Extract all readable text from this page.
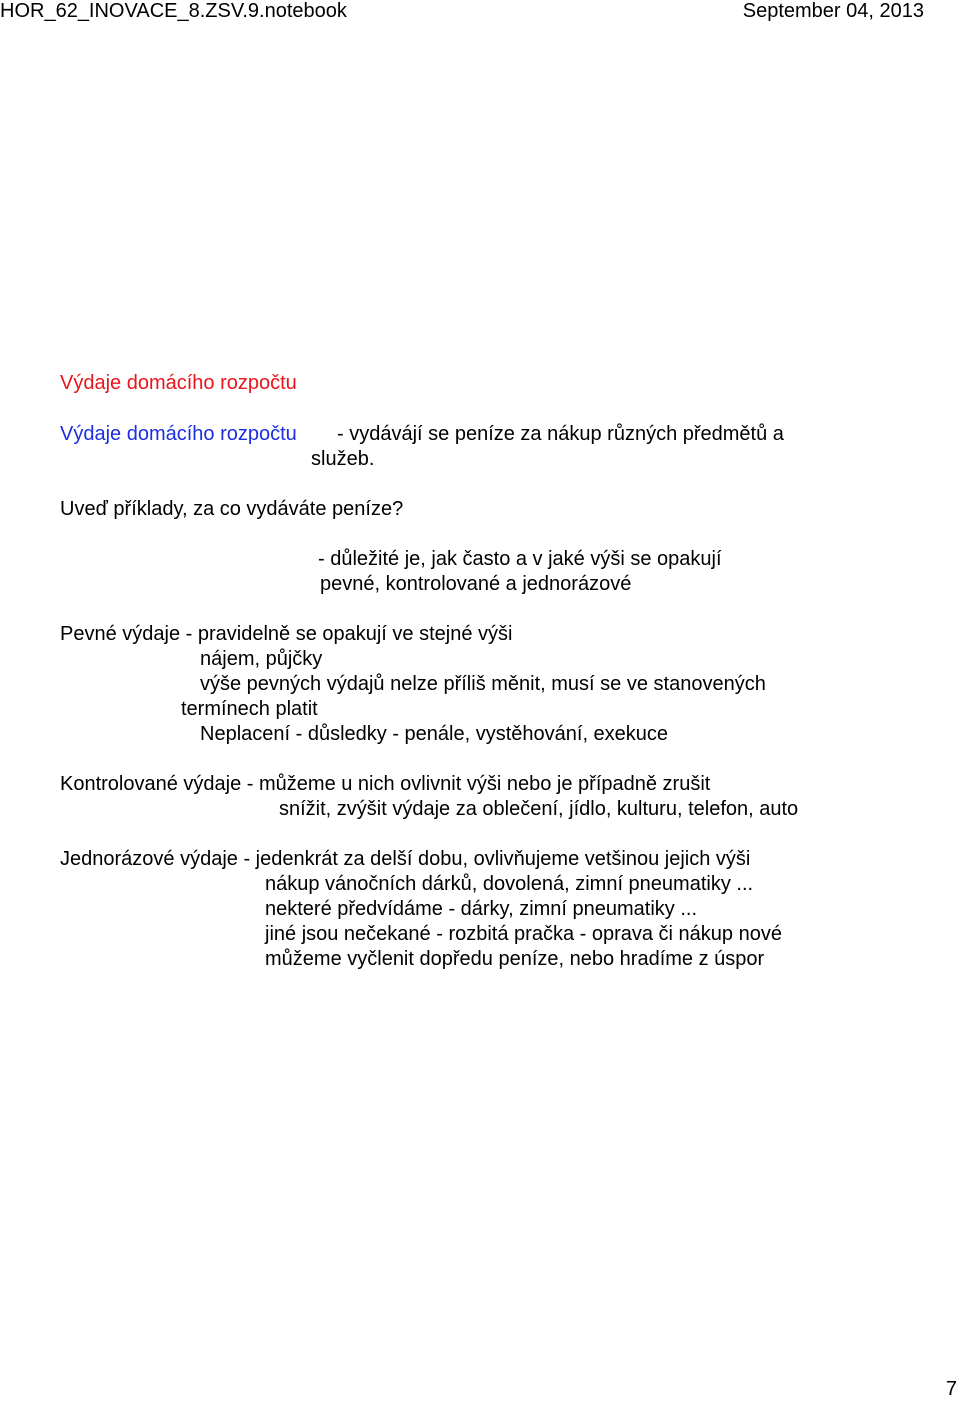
HOR_62_INOVACE_8.ZSV.9.notebook	September 04, 2013
Výdaje domácího rozpočtu
Výdaje domácího rozpočtu - vydávájí se peníze za nákup různých předmětů a
služeb.
Uveď příklady, za co vydáváte peníze?
- důležité je, jak často a v jaké výši se opakují
pevné, kontrolované a jednorázové
Pevné výdaje - pravidelně se opakují ve stejné výši
nájem, půjčky
výše pevných výdajů nelze příliš měnit, musí se ve stanovených
termínech platit
Neplacení - důsledky - penále, vystěhování, exekuce
Kontrolované výdaje - můžeme u nich ovlivnit výši nebo je případně zrušit
snížit, zvýšit výdaje za oblečení, jídlo, kulturu, telefon, auto
Jednorázové výdaje - jedenkrát za delší dobu, ovlivňujeme vetšinou jejich výši
nákup vánočních dárků, dovolená, zimní pneumatiky ...
nekteré předvídáme - dárky, zimní pneumatiky ...
jiné jsou nečekané - rozbitá pračka - oprava či nákup nové
můžeme vyčlenit dopředu peníze, nebo hradíme z úspor
7
